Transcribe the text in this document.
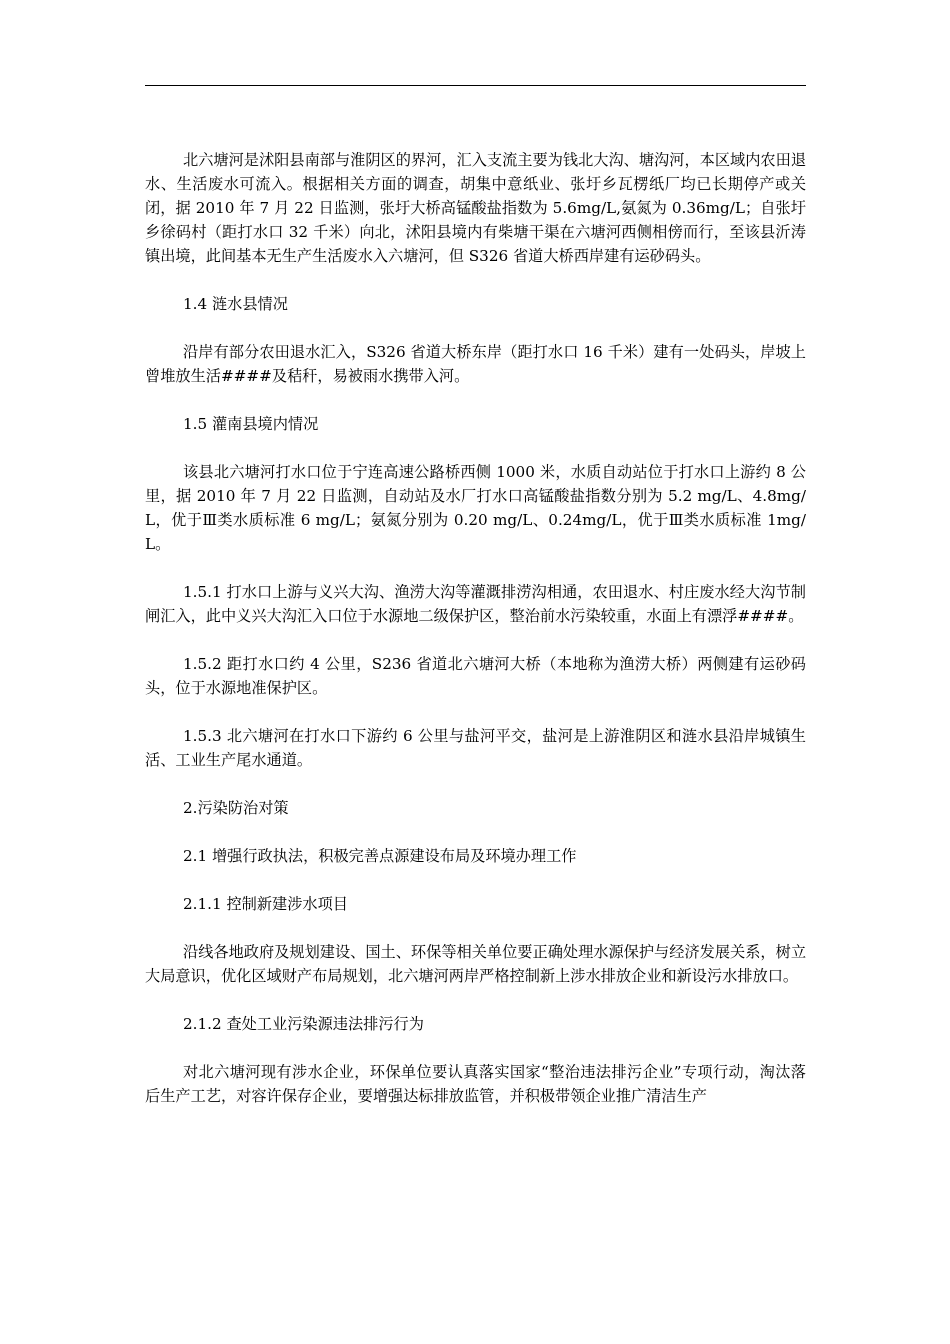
北六塘河是沭阳县南部与淮阴区的界河，汇入支流主要为钱北大沟、塘沟河，本区域内农田退水、生活废水可流入。根据相关方面的调查，胡集中意纸业、张圩乡瓦楞纸厂均已长期停产或关闭，据 2010 年 7 月 22 日监测，张圩大桥高锰酸盐指数为 5.6mg/L,氨氮为 0.36mg/L；自张圩乡徐码村（距打水口 32 千米）向北，沭阳县境内有柴塘干渠在六塘河西侧相傍而行，至该县沂涛镇出境，此间基本无生产生活废水入六塘河，但 S326 省道大桥西岸建有运砂码头。

1.4 涟水县情况

沿岸有部分农田退水汇入，S326 省道大桥东岸（距打水口 16 千米）建有一处码头，岸坡上曾堆放生活####及秸秆，易被雨水携带入河。

1.5 灌南县境内情况

该县北六塘河打水口位于宁连高速公路桥西侧 1000 米，水质自动站位于打水口上游约 8 公里，据 2010 年 7 月 22 日监测，自动站及水厂打水口高锰酸盐指数分别为 5.2 mg/L、4.8mg/L，优于Ⅲ类水质标准 6 mg/L；氨氮分别为 0.20 mg/L、0.24mg/L，优于Ⅲ类水质标准 1mg/L。

1.5.1 打水口上游与义兴大沟、渔涝大沟等灌溉排涝沟相通，农田退水、村庄废水经大沟节制闸汇入，此中义兴大沟汇入口位于水源地二级保护区，整治前水污染较重，水面上有漂浮####。

1.5.2 距打水口约 4 公里，S236 省道北六塘河大桥（本地称为渔涝大桥）两侧建有运砂码头，位于水源地准保护区。

1.5.3 北六塘河在打水口下游约 6 公里与盐河平交，盐河是上游淮阴区和涟水县沿岸城镇生活、工业生产尾水通道。

2.污染防治对策

2.1 增强行政执法，积极完善点源建设布局及环境办理工作

2.1.1 控制新建涉水项目

沿线各地政府及规划建设、国土、环保等相关单位要正确处理水源保护与经济发展关系，树立大局意识，优化区域财产布局规划，北六塘河两岸严格控制新上涉水排放企业和新设污水排放口。

2.1.2 查处工业污染源违法排污行为

对北六塘河现有涉水企业，环保单位要认真落实国家“整治违法排污企业”专项行动，淘汰落后生产工艺，对容许保存企业，要增强达标排放监管，并积极带领企业推广清洁生产
